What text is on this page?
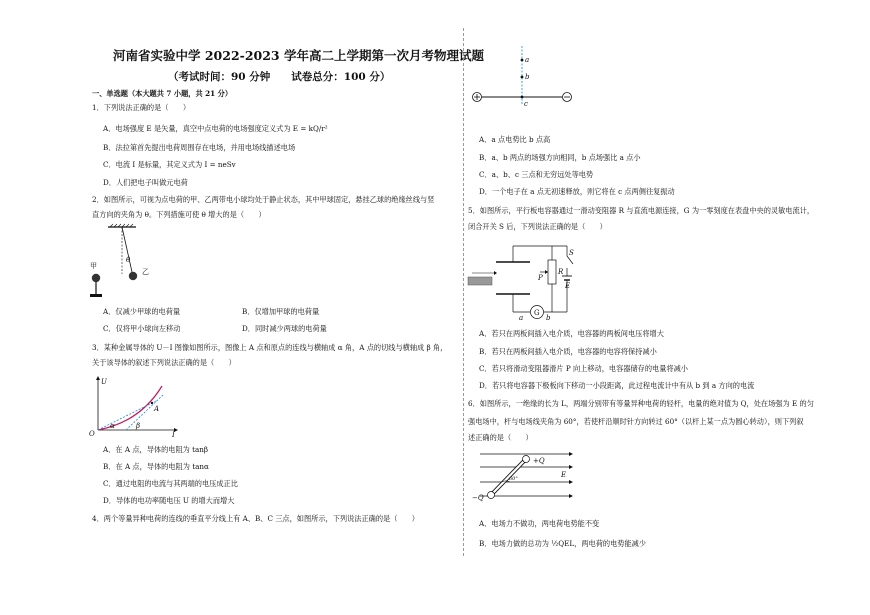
河南省实验中学 2022-2023 学年高二上学期第一次月考物理试题
（考试时间：90 分钟　　试卷总分：100 分）
一、单选题（本大题共 7 小题，共 21 分）
1．下列说法正确的是（　　）
A．电场强度 E 是矢量，真空中点电荷的电场强度定义式为 E = kQ/r²
B．法拉第首先提出电荷周围存在电场，并用电场线描述电场
C．电流 I 是标量，其定义式为 I = neSv
D．人们把电子叫做元电荷
2．如图所示，可视为点电荷的甲、乙两带电小球均处于静止状态，其中甲球固定，悬挂乙球的绝缘丝线与竖
直方向的夹角为 θ。下列措施可使 θ 增大的是（　　）
θ
甲
乙
A．仅减少甲球的电荷量	B．仅增加甲球的电荷量
C．仅将甲小球向左移动	D．同时减少两球的电荷量
3．某种金属导体的 U－I 图像如图所示，图像上 A 点和原点的连线与横轴成 α 角，A 点的切线与横轴成 β 角，
关于该导体的叙述下列说法正确的是（　　）
U
I
O
A
α	β
A．在 A 点，导体的电阻为 tanβ
B．在 A 点，导体的电阻为 tanα
C．通过电阻的电流与其两端的电压成正比
D．导体的电功率随电压 U 的增大而增大
4．两个等量异种电荷的连线的垂直平分线上有 A、B、C 三点，如图所示，下列说法正确的是（　　）
a
b
c
A．a 点电势比 b 点高
B．a、b 两点的场强方向相同，b 点场强比 a 点小
C．a、b、c 三点和无穷远处等电势
D．一个电子在 a 点无初速释放，则它将在 c 点两侧往复振动
5．如图所示，平行板电容器通过一滑动变阻器 R 与直流电源连接，G 为一零刻度在表盘中央的灵敏电流计，
闭合开关 S 后，下列说法正确的是（　　）
G
P
R
S
E
a	b
A．若只在两板间插入电介质，电容器的两板间电压将增大
B．若只在两板间插入电介质，电容器的电容将保持减小
C．若只将滑动变阻器滑片 P 向上移动，电容器储存的电量将减小
D．若只将电容器下极板向下移动一小段距离，此过程电流计中有从 b 到 a 方向的电流
6．如图所示，一绝缘的长为 L，两端分别带有等量异种电荷的轻杆，电量的绝对值为 Q，处在场强为 E 的匀
强电场中，杆与电场线夹角为 60°，若使杆沿顺时针方向转过 60°（以杆上某一点为圆心转动），则下列叙
述正确的是（　　）
+Q
−Q
E
60°
A．电场力不做功，两电荷电势能不变
B．电场力做的总功为 ½QEL，两电荷的电势能减少
